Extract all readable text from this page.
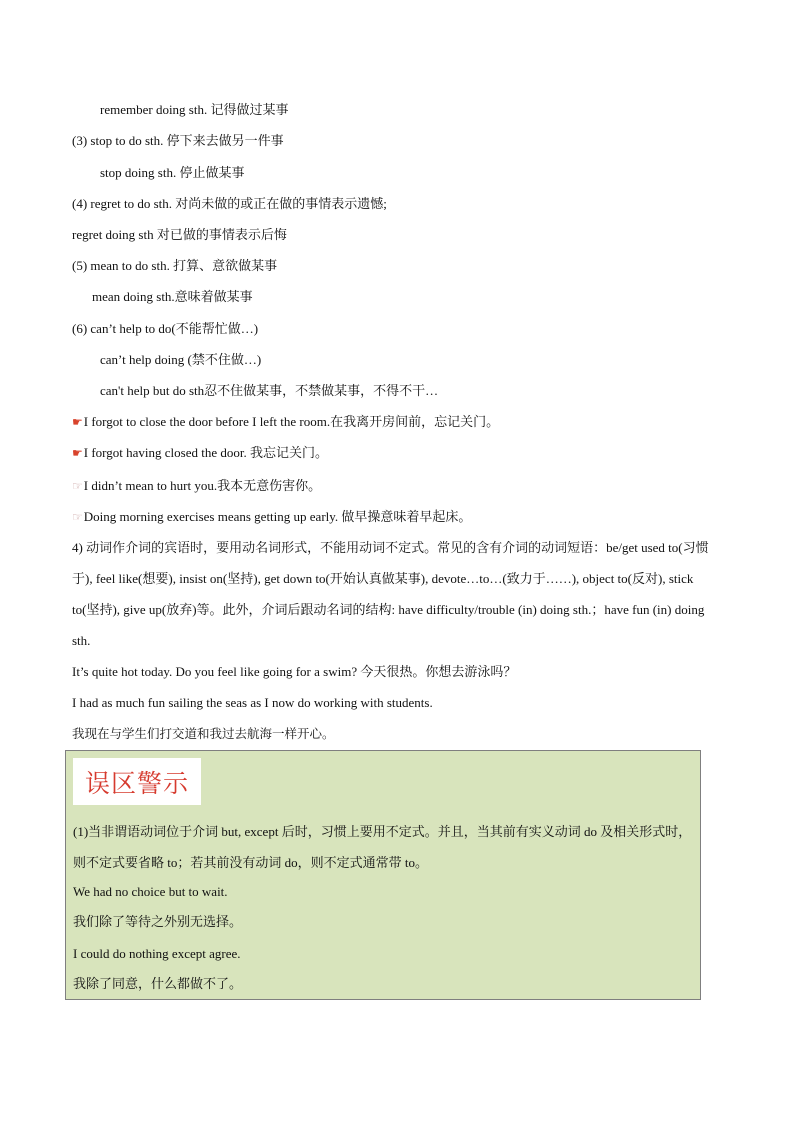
remember doing sth. 记得做过某事
(3) stop to do sth. 停下来去做另一件事
stop doing sth. 停止做某事
(4) regret to do sth. 对尚未做的或正在做的事情表示遗憾;
regret doing sth 对已做的事情表示后悔
(5) mean to do sth. 打算、意欲做某事
mean doing sth.意味着做某事
(6) can’t help to do(不能帮忙做…)
can’t help doing (禁不住做…)
can't help but do sth忍不住做某事，不禁做某事，不得不干…
☛I forgot to close the door before I left the room.在我离开房间前，忘记关门。
☛I forgot having closed the door. 我忘记关门。
☞I didn’t mean to hurt you.我本无意伤害你。
☞Doing morning exercises means getting up early. 做早操意味着早起床。
4) 动词作介词的宾语时，要用动名词形式，不能用动词不定式。常见的含有介词的动词短语：be/get used to(习惯于), feel like(想要), insist on(坚持), get down to(开始认真做某事), devote…to…(致力于……), object to(反对), stick to(坚持), give up(放弃)等。此外，介词后跟动名词的结构: have difficulty/trouble (in) doing sth.；have fun (in) doing sth.
It’s quite hot today. Do you feel like going for a swim? 今天很热。你想去游泳吗？
I had as much fun sailing the seas as I now do working with students.
我现在与学生们打交道和我过去航海一样开心。
误区警示
(1)当非谓语动词位于介词 but, except 后时，习惯上要用不定式。并且，当其前有实义动词 do 及相关形式时，则不定式要省略 to；若其前没有动词 do，则不定式通常带 to。
We had no choice but to wait.
我们除了等待之外别无选择。
I could do nothing except agree.
我除了同意，什么都做不了。
